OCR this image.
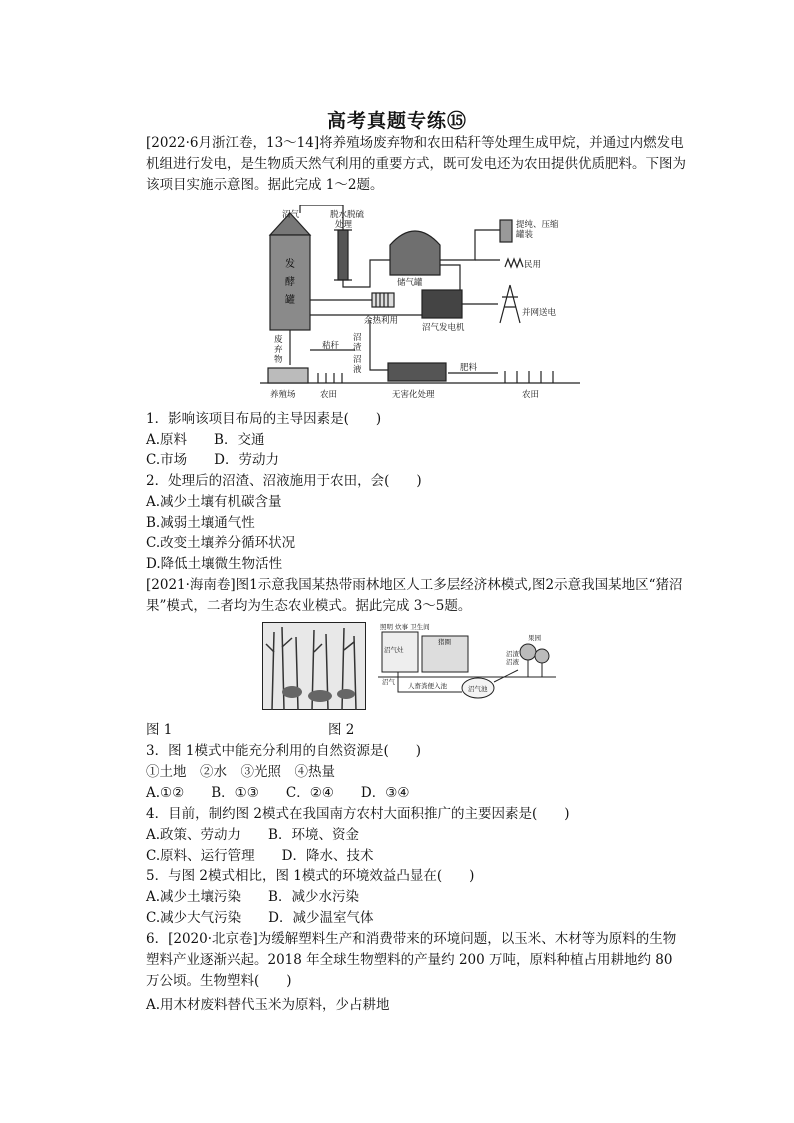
高考真题专练⑮
[2022·6月浙江卷，13～14]将养殖场废弃物和农田秸秆等处理生成甲烷，并通过内燃发电机组进行发电，是生物质天然气利用的重要方式，既可发电还为农田提供优质肥料。下图为该项目实施示意图。据此完成 1～2题。
沼气	脱水脱硫
处理
发
酵
罐
储气罐
提纯、压缩
罐装
民用
余热利用
沼气发电机
并网送电
废
弃
物
秸秆
沼
渣
沼
液
养殖场	农田	无害化处理
肥料
农田
1．影响该项目布局的主导因素是(　　)
A.原料　　B．交通
C.市场　　D．劳动力
2．处理后的沼渣、沼液施用于农田，会(　　)
A.减少土壤有机碳含量
B.减弱土壤通气性
C.改变土壤养分循环状况
D.降低土壤微生物活性
[2021·海南卷]图1示意我国某热带雨林地区人工多层经济林模式,图2示意我国某地区“猪沼果”模式，二者均为生态农业模式。据此完成 3～5题。
照明 炊事 卫生间
沼气灶
猪圈
沼气 人畜粪便入池	沼气池
沼渣
沼液
果园
图 1	图 2
3．图 1模式中能充分利用的自然资源是(　　)
①土地　②水　③光照　④热量
A.①②　　B．①③　　C．②④　　D．③④
4．目前，制约图 2模式在我国南方农村大面积推广的主要因素是(　　)
A.政策、劳动力　　B．环境、资金
C.原料、运行管理　　D．降水、技术
5．与图 2模式相比，图 1模式的环境效益凸显在(　　)
A.减少土壤污染　　B．减少水污染
C.减少大气污染　　D．减少温室气体
6．[2020·北京卷]为缓解塑料生产和消费带来的环境问题，以玉米、木材等为原料的生物塑料产业逐渐兴起。2018 年全球生物塑料的产量约 200 万吨，原料种植占用耕地约 80 万公顷。生物塑料(　　)
A.用木材废料替代玉米为原料，少占耕地
